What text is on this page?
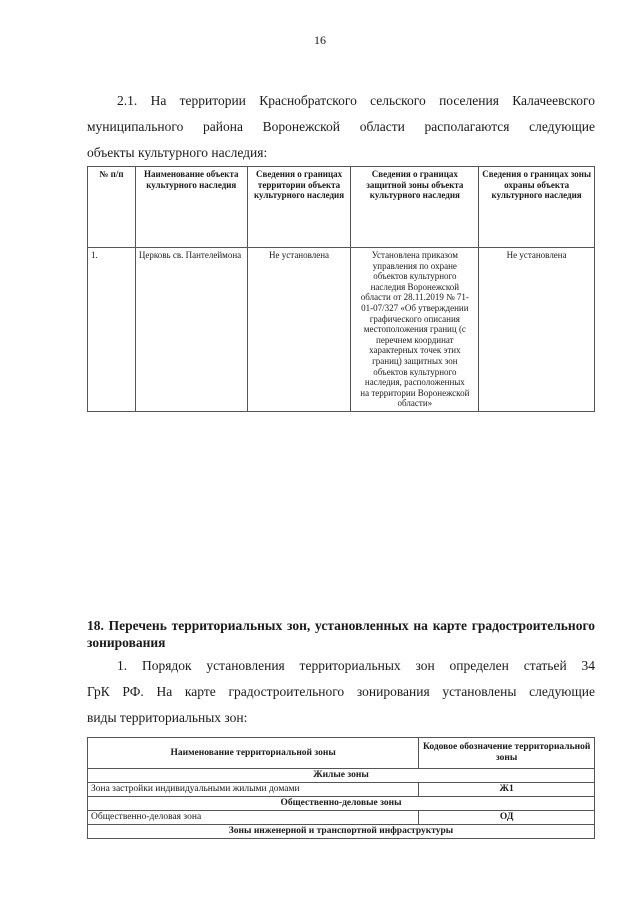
16

2.1. На территории Краснобратского сельского поселения Калачеевского

муниципального района Воронежской области располагаются следующие

объекты культурного наследия:

№ п/п	Наименование объекта культурного наследия	Сведения о границах территории объекта культурного наследия	Сведения о границах защитной зоны объекта культурного наследия	Сведения о границах зоны охраны объекта культурного наследия
1.	Церковь св. Пантелеймона	Не установлена	Установлена приказом управления по охране объектов культурного наследия Воронежской области от 28.11.2019 № 71-01-07/327 «Об утверждении графического описания местоположения границ (с перечнем координат характерных точек этих границ) защитных зон объектов культурного наследия, расположенных на территории Воронежской области»	Не установлена

18. Перечень территориальных зон, установленных на карте градостроительного зонирования

1. Порядок установления территориальных зон определен статьей 34

ГрК РФ. На карте градостроительного зонирования установлены следующие

виды территориальных зон:

Наименование территориальной зоны	Кодовое обозначение территориальной зоны
Жилые зоны	
Зона застройки индивидуальными жилыми домами	Ж1
Общественно-деловые зоны	
Общественно-деловая зона	ОД
Зоны инженерной и транспортной инфраструктуры	
